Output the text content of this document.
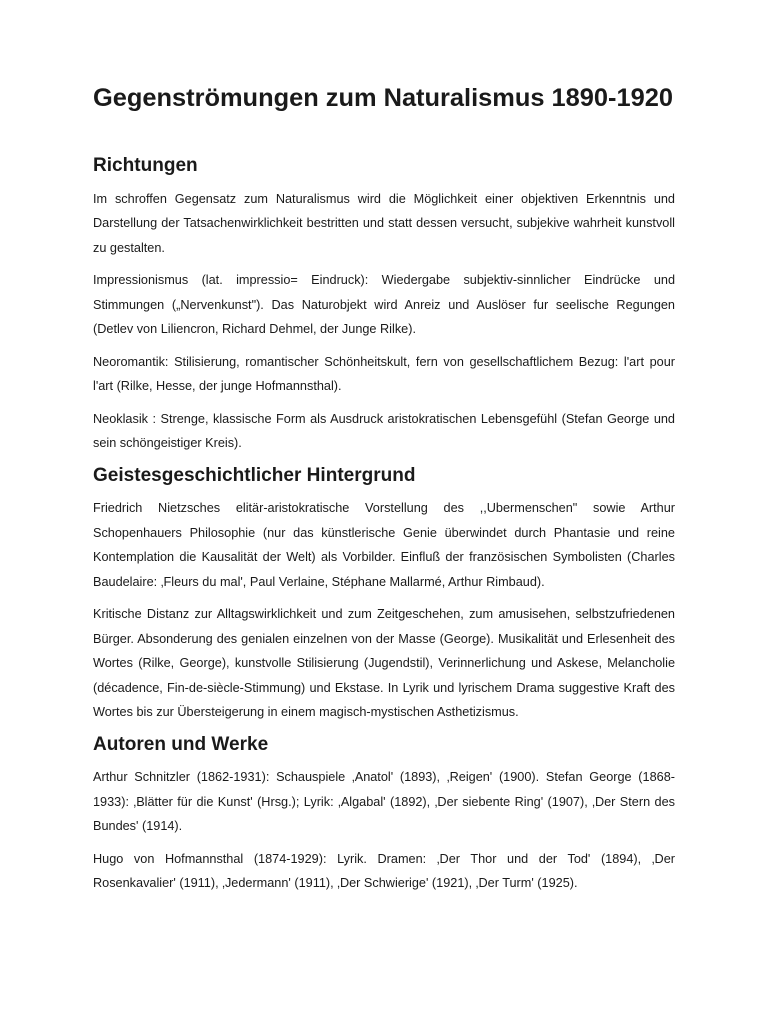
Gegenströmungen zum Naturalismus 1890-1920
Richtungen

Im schroffen Gegensatz zum Naturalismus wird die Möglichkeit einer objektiven Erkenntnis und Darstellung der Tatsachenwirklichkeit bestritten und statt dessen versucht, subjekive wahrheit kunstvoll zu gestalten.

Impressionismus (lat. impressio= Eindruck): Wiedergabe subjektiv-sinnlicher Eindrücke und Stimmungen („Nervenkunst"). Das Naturobjekt wird Anreiz und Auslöser fur seelische Regungen (Detlev von Liliencron, Richard Dehmel, der Junge Rilke).

Neoromantik: Stilisierung, romantischer Schönheitskult, fern von gesellschaftlichem Bezug: l'art pour l'art (Rilke, Hesse, der junge Hofmannsthal).

Neoklasik : Strenge, klassische Form als Ausdruck aristokratischen Lebensgefühl (Stefan George und sein schöngeistiger Kreis).

Geistesgeschichtlicher Hintergrund

Friedrich Nietzsches elitär-aristokratische Vorstellung des ,,Ubermenschen" sowie Arthur Schopenhauers Philosophie (nur das künstlerische Genie überwindet durch Phantasie und reine Kontemplation die Kausalität der Welt) als Vorbilder. Einfluß der französischen Symbolisten (Charles Baudelaire: ‚Fleurs du mal', Paul Verlaine, Stéphane Mallarmé, Arthur Rimbaud).

Kritische Distanz zur Alltagswirklichkeit und zum Zeitgeschehen, zum amusisehen, selbstzufriedenen Bürger. Absonderung des genialen einzelnen von der Masse (George). Musikalität und Erlesenheit des Wortes (Rilke, George), kunstvolle Stilisierung (Jugendstil), Verinnerlichung und Askese, Melancholie (décadence, Fin-de-siècle-Stimmung) und Ekstase. In Lyrik und lyrischem Drama suggestive Kraft des Wortes bis zur Übersteigerung in einem magisch-mystischen Asthetizismus.

Autoren und Werke

Arthur Schnitzler (1862-1931): Schauspiele ‚Anatol' (1893), ‚Reigen' (1900). Stefan George (1868-1933): ‚Blätter für die Kunst' (Hrsg.); Lyrik: ‚Algabal' (1892), ‚Der siebente Ring' (1907), ‚Der Stern des Bundes' (1914).

Hugo von Hofmannsthal (1874-1929): Lyrik. Dramen: ‚Der Thor und der Tod' (1894), ‚Der Rosenkavalier' (1911), ‚Jedermann' (1911), ‚Der Schwierige' (1921), ‚Der Turm' (1925).
